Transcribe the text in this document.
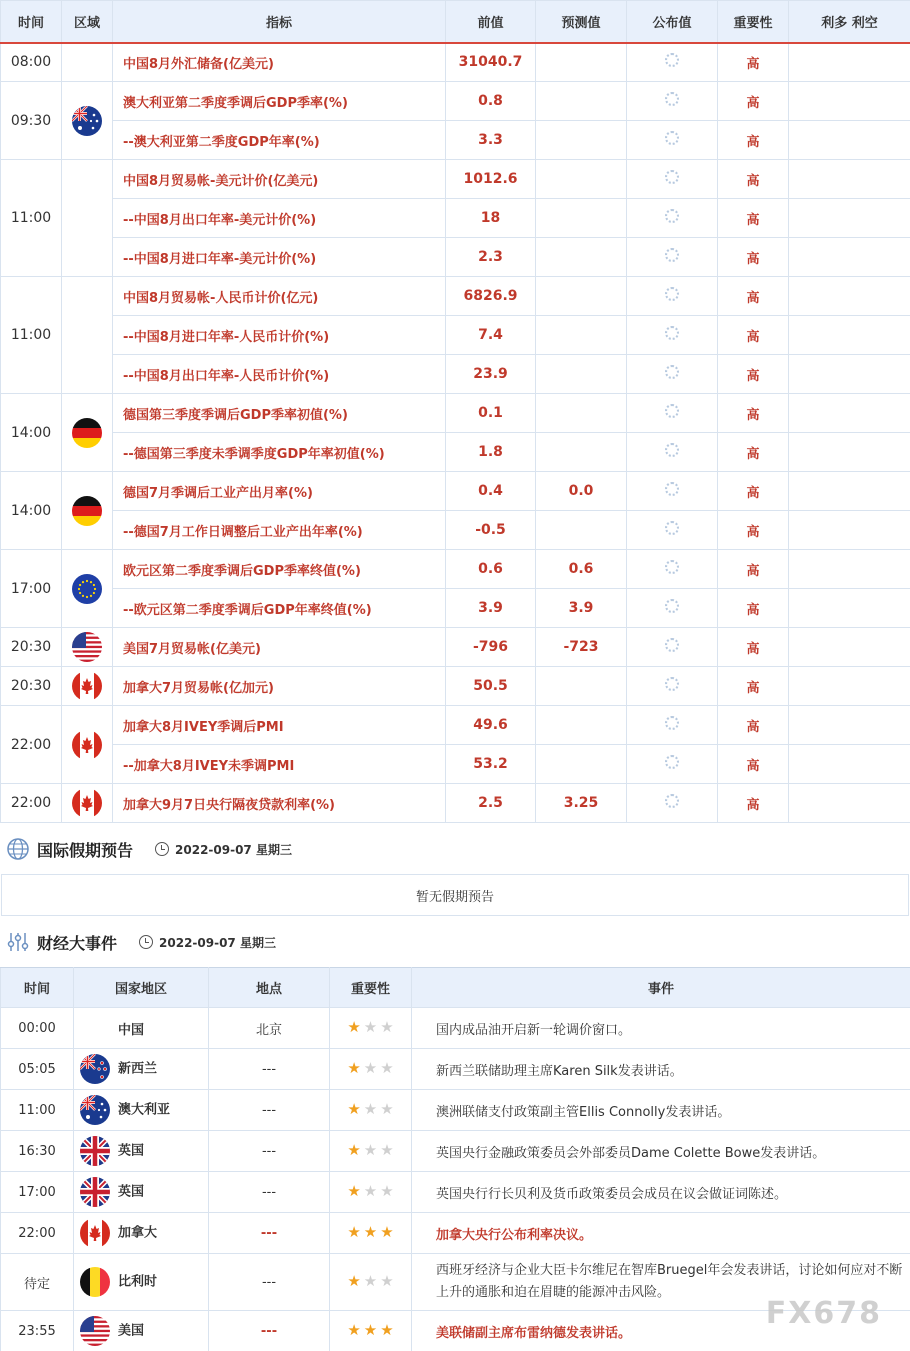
时间	区域	指标	前值	预测值	公布值	重要性	利多 利空
08:00		中国8月外汇储备(亿美元)	31040.7			高	
09:30		澳大利亚第二季度季调后GDP季率(%)	0.8			高	
		--澳大利亚第二季度GDP年率(%)	3.3			高	
11:00		中国8月贸易帐-美元计价(亿美元)	1012.6			高	
		--中国8月出口年率-美元计价(%)	18			高	
		--中国8月进口年率-美元计价(%)	2.3			高	
11:00		中国8月贸易帐-人民币计价(亿元)	6826.9			高	
		--中国8月进口年率-人民币计价(%)	7.4			高	
		--中国8月出口年率-人民币计价(%)	23.9			高	
14:00		德国第三季度季调后GDP季率初值(%)	0.1			高	
		--德国第三季度未季调季度GDP年率初值(%)	1.8			高	
14:00		德国7月季调后工业产出月率(%)	0.4	0.0		高	
		--德国7月工作日调整后工业产出年率(%)	-0.5			高	
17:00		欧元区第二季度季调后GDP季率终值(%)	0.6	0.6		高	
		--欧元区第二季度季调后GDP年率终值(%)	3.9	3.9		高	
20:30		美国7月贸易帐(亿美元)	-796	-723		高	
20:30		加拿大7月贸易帐(亿加元)	50.5			高	
22:00		加拿大8月IVEY季调后PMI	49.6			高	
		--加拿大8月IVEY未季调PMI	53.2			高	
22:00		加拿大9月7日央行隔夜贷款利率(%)	2.5	3.25		高	
国际假期预告	2022-09-07 星期三
暂无假期预告
财经大事件	2022-09-07 星期三
时间	国家地区	地点	重要性	事件
00:00	中国	北京	★ ★ ★	国内成品油开启新一轮调价窗口。
05:05	新西兰	---	★ ★ ★	新西兰联储助理主席Karen Silk发表讲话。
11:00	澳大利亚	---	★ ★ ★	澳洲联储支付政策副主管Ellis Connolly发表讲话。
16:30	英国	---	★ ★ ★	英国央行金融政策委员会外部委员Dame Colette Bowe发表讲话。
17:00	英国	---	★ ★ ★	英国央行行长贝利及货币政策委员会成员在议会做证词陈述。
22:00	加拿大	---	★ ★ ★	加拿大央行公布利率决议。
待定	比利时	---	★ ★ ★	西班牙经济与企业大臣卡尔维尼在智库Bruegel年会发表讲话，讨论如何应对不断上升的通胀和迫在眉睫的能源冲击风险。
23:55	美国	---	★ ★ ★	美联储副主席布雷纳德发表讲话。
FX678
